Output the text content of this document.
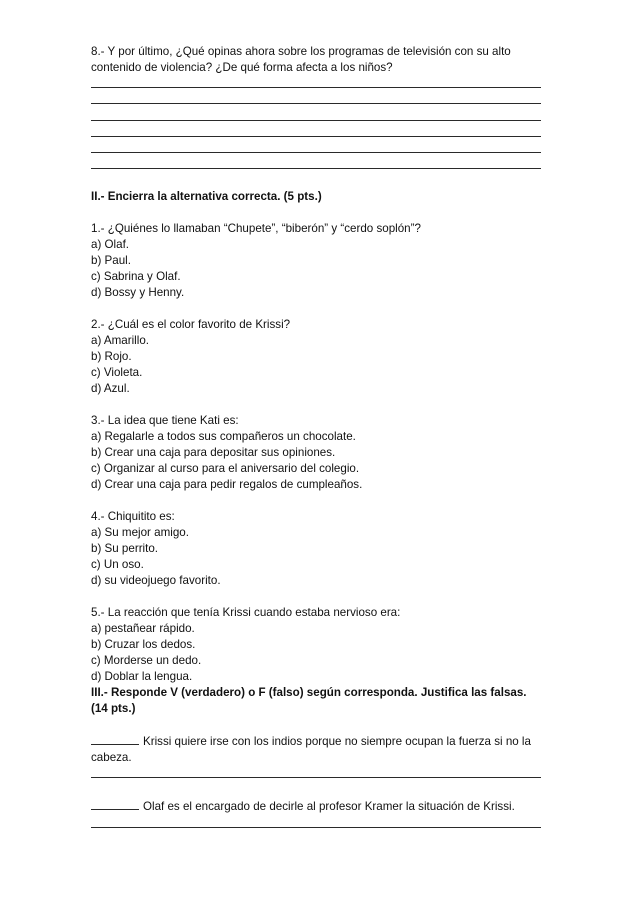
8.- Y por último, ¿Qué opinas ahora sobre los programas de televisión con su alto
contenido de violencia? ¿De qué forma afecta a los niños?
II.- Encierra la alternativa correcta. (5 pts.)
1.- ¿Quiénes lo llamaban “Chupete”, “biberón” y “cerdo soplón”?
a) Olaf.
b) Paul.
c) Sabrina y Olaf.
d) Bossy y Henny.
2.- ¿Cuál es el color favorito de Krissi?
a) Amarillo.
b) Rojo.
c) Violeta.
d) Azul.
3.- La idea que tiene Kati es:
a) Regalarle a todos sus compañeros un chocolate.
b) Crear una caja para depositar sus opiniones.
c) Organizar al curso para el aniversario del colegio.
d) Crear una caja para pedir regalos de cumpleaños.
4.- Chiquitito es:
a) Su mejor amigo.
b) Su perrito.
c) Un oso.
d) su videojuego favorito.
5.- La reacción que tenía Krissi cuando estaba nervioso era:
a) pestañear rápido.
b) Cruzar los dedos.
c) Morderse un dedo.
d) Doblar la lengua.
III.- Responde V (verdadero) o F (falso) según corresponda. Justifica las falsas.
(14 pts.)
Krissi quiere irse con los indios porque no siempre ocupan la fuerza si no la
cabeza.
Olaf es el encargado de decirle al profesor Kramer la situación de Krissi.
